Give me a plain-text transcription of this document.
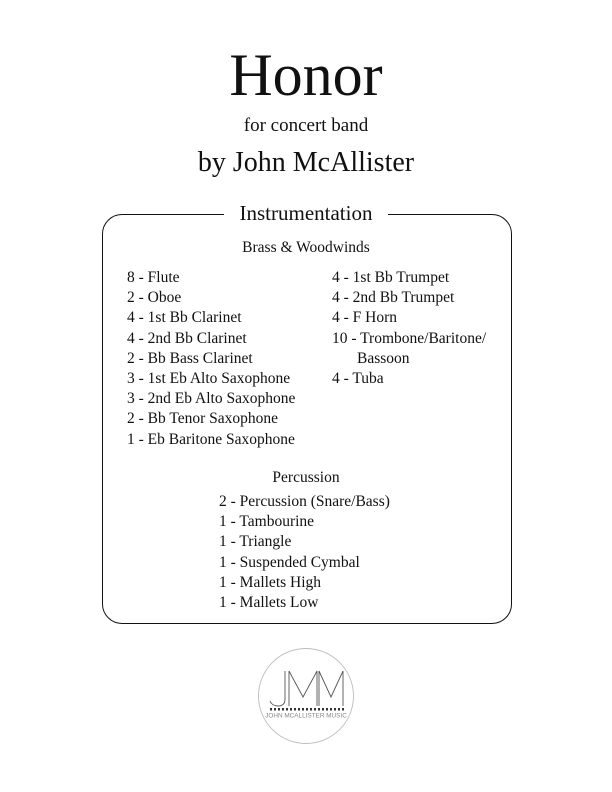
Honor
for concert band
by John McAllister
Instrumentation
Brass & Woodwinds
8 - Flute
2 - Oboe
4 - 1st Bb Clarinet
4 - 2nd Bb Clarinet
2 - Bb Bass Clarinet
3 - 1st Eb Alto Saxophone
3 - 2nd Eb Alto Saxophone
2 - Bb Tenor Saxophone
1 - Eb Baritone Saxophone
4 - 1st Bb Trumpet
4 - 2nd Bb Trumpet
4 - F Horn
10 - Trombone/Baritone/
Bassoon
4 - Tuba
Percussion
2 - Percussion (Snare/Bass)
1 - Tambourine
1 - Triangle
1 - Suspended Cymbal
1 - Mallets High
1 - Mallets Low
JOHN MCALLISTER MUSIC
